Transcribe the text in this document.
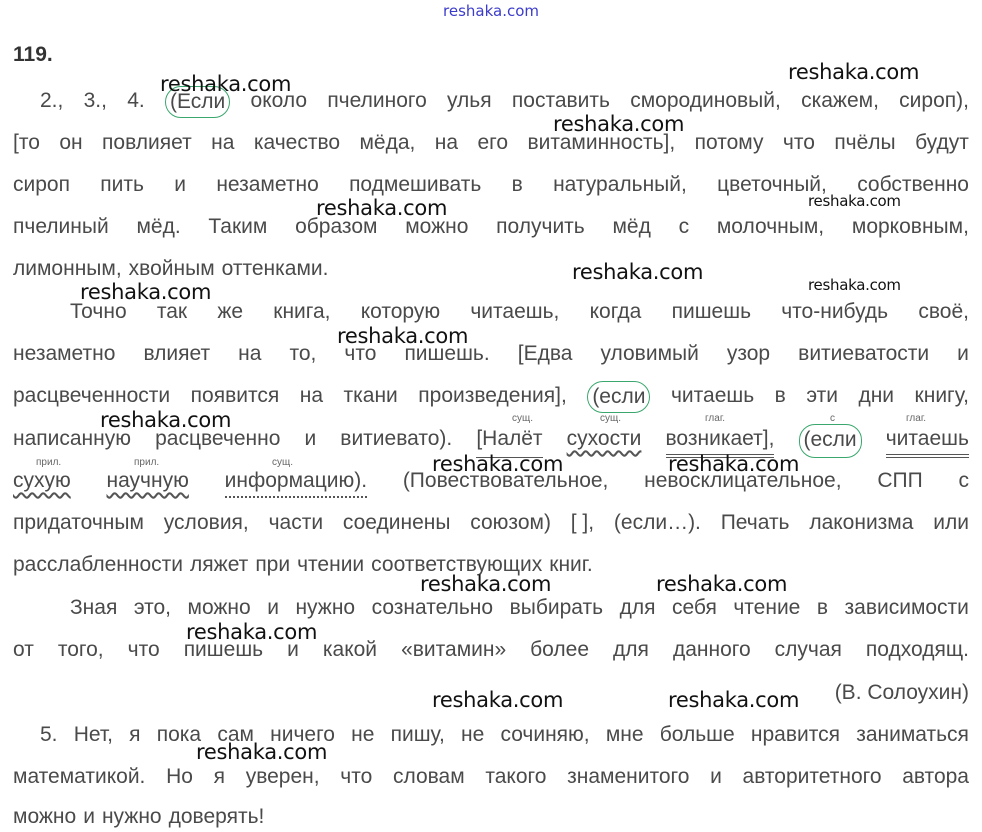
reshaka.com
119.
2., 3., 4. (Если около пчелиного улья поставить смородиновый, скажем, сироп),
[то он повлияет на качество мёда, на его витаминность], потому что пчёлы будут
сироп пить и незаметно подмешивать в натуральный, цветочный, собственно
пчелиный мёд. Таким образом можно получить мёд с молочным, морковным,
лимонным, хвойным оттенками.
Точно так же книга, которую читаешь, когда пишешь что-нибудь своё,
незаметно влияет на то, что пишешь. [Едва уловимый узор витиеватости и
расцвеченности появится на ткани произведения], (если читаешь в эти дни книгу,
написанную расцвеченно и витиевато). [Налёт сухости возникает], (если читаешь
сухую научную информацию). (Повествовательное, невосклицательное, СПП с
придаточным условия, части соединены союзом) [ ], (если…). Печать лаконизма или
расслабленности ляжет при чтении соответствующих книг.
Зная это, можно и нужно сознательно выбирать для себя чтение в зависимости
от того, что пишешь и какой «витамин» более для данного случая подходящ.
(В. Солоухин)
5. Нет, я пока сам ничего не пишу, не сочиняю, мне больше нравится заниматься
математикой. Но я уверен, что словам такого знаменитого и авторитетного автора
можно и нужно доверять!
сущ.	сущ.	глаг.	с	глаг.
прил.	прил.	сущ.
reshaka.com	reshaka.com
reshaka.com
reshaka.com
reshaka.com
reshaka.com
reshaka.com
reshaka.com
reshaka.com
reshaka.com
reshaka.com	reshaka.com
reshaka.com	reshaka.com
reshaka.com
reshaka.com	reshaka.com
reshaka.com
